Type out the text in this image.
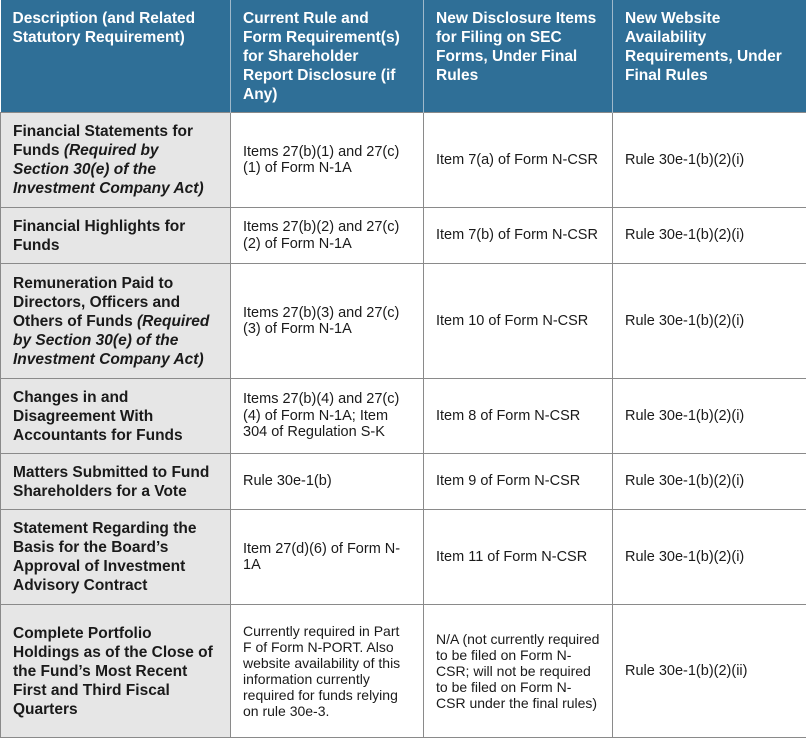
Description (and Related Statutory Requirement)	Current Rule and Form Requirement(s) for Shareholder Report Disclosure (if Any)	New Disclosure Items for Filing on SEC Forms, Under Final Rules	New Website Availability Requirements, Under Final Rules
Financial Statements for Funds (Required by Section 30(e) of the Investment Company Act)	Items 27(b)(1) and 27(c)(1) of Form N-1A	Item 7(a) of Form N-CSR	Rule 30e-1(b)(2)(i)
Financial Highlights for Funds	Items 27(b)(2) and 27(c)(2) of Form N-1A	Item 7(b) of Form N-CSR	Rule 30e-1(b)(2)(i)
Remuneration Paid to Directors, Officers and Others of Funds (Required by Section 30(e) of the Investment Company Act)	Items 27(b)(3) and 27(c)(3) of Form N-1A	Item 10 of Form N-CSR	Rule 30e-1(b)(2)(i)
Changes in and Disagreement With Accountants for Funds	Items 27(b)(4) and 27(c)(4) of Form N-1A; Item 304 of Regulation S-K	Item 8 of Form N-CSR	Rule 30e-1(b)(2)(i)
Matters Submitted to Fund Shareholders for a Vote	Rule 30e-1(b)	Item 9 of Form N-CSR	Rule 30e-1(b)(2)(i)
Statement Regarding the Basis for the Board’s Approval of Investment Advisory Contract	Item 27(d)(6) of Form N-1A	Item 11 of Form N-CSR	Rule 30e-1(b)(2)(i)
Complete Portfolio Holdings as of the Close of the Fund’s Most Recent First and Third Fiscal Quarters	Currently required in Part F of Form N-PORT. Also website availability of this information currently required for funds relying on rule 30e-3.	N/A (not currently required to be filed on Form N-CSR; will not be required to be filed on Form N-CSR under the final rules)	Rule 30e-1(b)(2)(ii)
